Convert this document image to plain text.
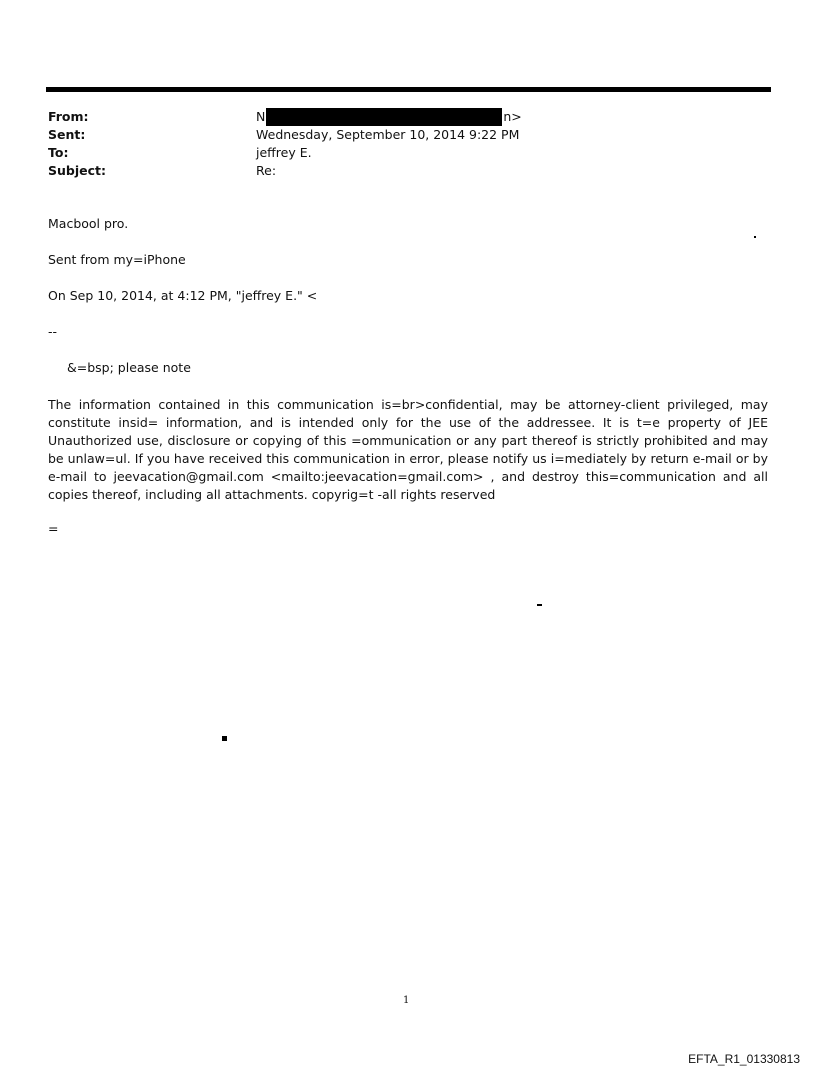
From:	N	n>
Sent:	Wednesday, September 10, 2014 9:22 PM
To:	jeffrey E.
Subject:	Re:
Macbool pro.
Sent from my=iPhone
On Sep 10, 2014, at 4:12 PM, "jeffrey E." <
--
&=bsp; please note
The information contained in this communication is=br>confidential, may be attorney-client privileged, may constitute insid= information, and is intended only for the use of the addressee. It is t=e property of JEE Unauthorized use, disclosure or copying of this =ommunication or any part thereof is strictly prohibited and may be unlaw=ul. If you have received this communication in error, please notify us i=mediately by return e-mail or by e-mail to jeevacation@gmail.com <mailto:jeevacation=gmail.com> , and destroy this=communication and all copies thereof, including all attachments. copyrig=t -all rights reserved
=
1
EFTA_R1_01330813
